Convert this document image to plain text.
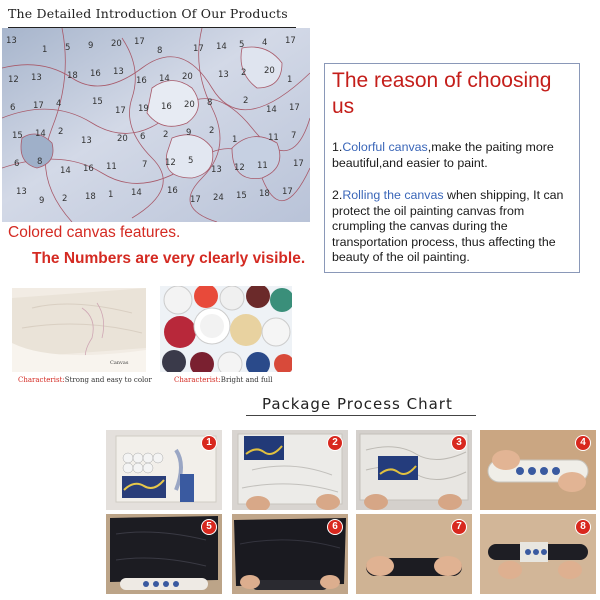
The Detailed Introduction Of Our Products
13
1 5 9 20 17
8	17 14 5 4 17
12 13	18 16 13
16 14 20	13 2 20
1
6 17 4	15
17 19 16 20 8	2
14 17
15 14 2
13	20 6 2 9 2
1	11 7
6 8
14 16 11	7 12 5
13 12 11	17
13
9 2 18 1 14	16
17 24 15 18 17
Colored canvas features.
The Numbers are very clearly visible.
The reason of choosing us
1.Colorful canvas,make the paiting more beautiful,and easier to paint.
2.Rolling the canvas when shipping, It can protect the oil painting canvas from crumpling the canvas during the transportation process, thus affecting the beauty of the oil painting.
Canvas
Characterist:Strong and easy to color	Characterist:Bright and full
Package Process Chart
1	2	3	4
5	6	7	8
